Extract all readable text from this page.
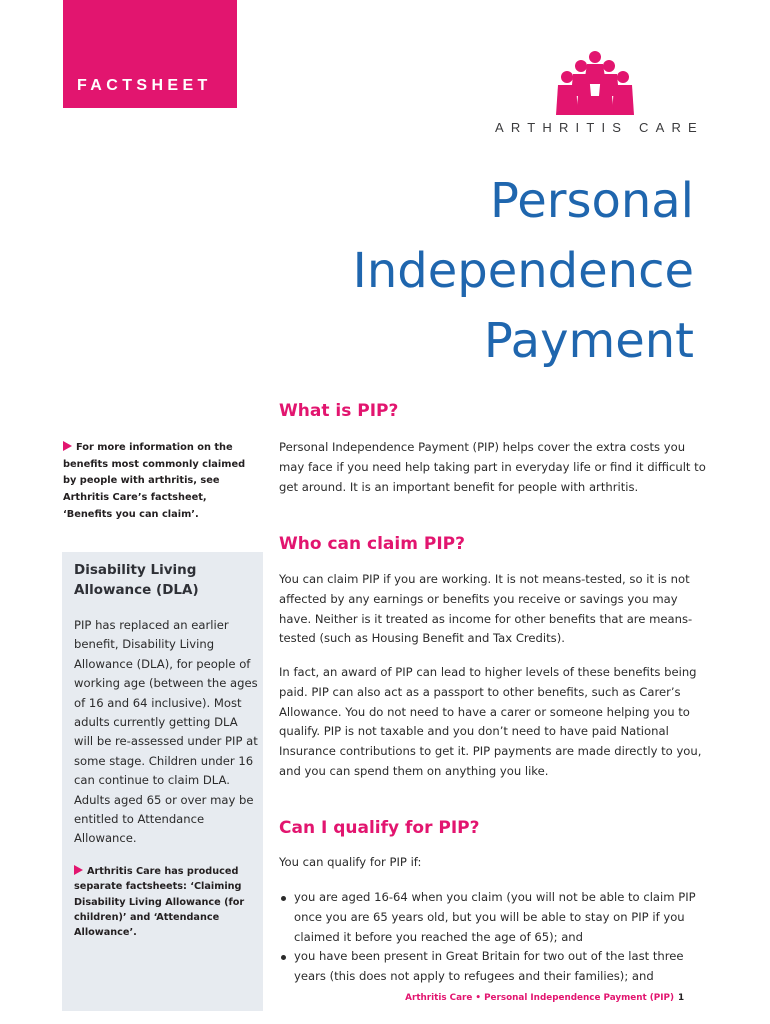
FACTSHEET
ARTHRITIS CARE
Personal
Independence
Payment

For more information on the benefits most commonly claimed by people with arthritis, see Arthritis Care’s factsheet, ‘Benefits you can claim’.

What is PIP?

Personal Independence Payment (PIP) helps cover the extra costs you may face if you need help taking part in everyday life or find it difficult to get around. It is an important benefit for people with arthritis.

Who can claim PIP?

You can claim PIP if you are working. It is not means-tested, so it is not affected by any earnings or benefits you receive or savings you may have. Neither is it treated as income for other benefits that are means-tested (such as Housing Benefit and Tax Credits).

In fact, an award of PIP can lead to higher levels of these benefits being paid. PIP can also act as a passport to other benefits, such as Carer’s Allowance. You do not need to have a carer or someone helping you to qualify. PIP is not taxable and you don’t need to have paid National Insurance contributions to get it. PIP payments are made directly to you, and you can spend them on anything you like.

Can I qualify for PIP?

You can qualify for PIP if:

you are aged 16-64 when you claim (you will not be able to claim PIP once you are 65 years old, but you will be able to stay on PIP if you claimed it before you reached the age of 65); and
you have been present in Great Britain for two out of the last three years (this does not apply to refugees and their families); and
Disability Living Allowance (DLA)

PIP has replaced an earlier benefit, Disability Living Allowance (DLA), for people of working age (between the ages of 16 and 64 inclusive). Most adults currently getting DLA will be re-assessed under PIP at some stage. Children under 16 can continue to claim DLA. Adults aged 65 or over may be entitled to Attendance Allowance.

Arthritis Care has produced separate factsheets: ‘Claiming Disability Living Allowance (for children)’ and ‘Attendance Allowance’.

Arthritis Care • Personal Independence Payment (PIP) 1
